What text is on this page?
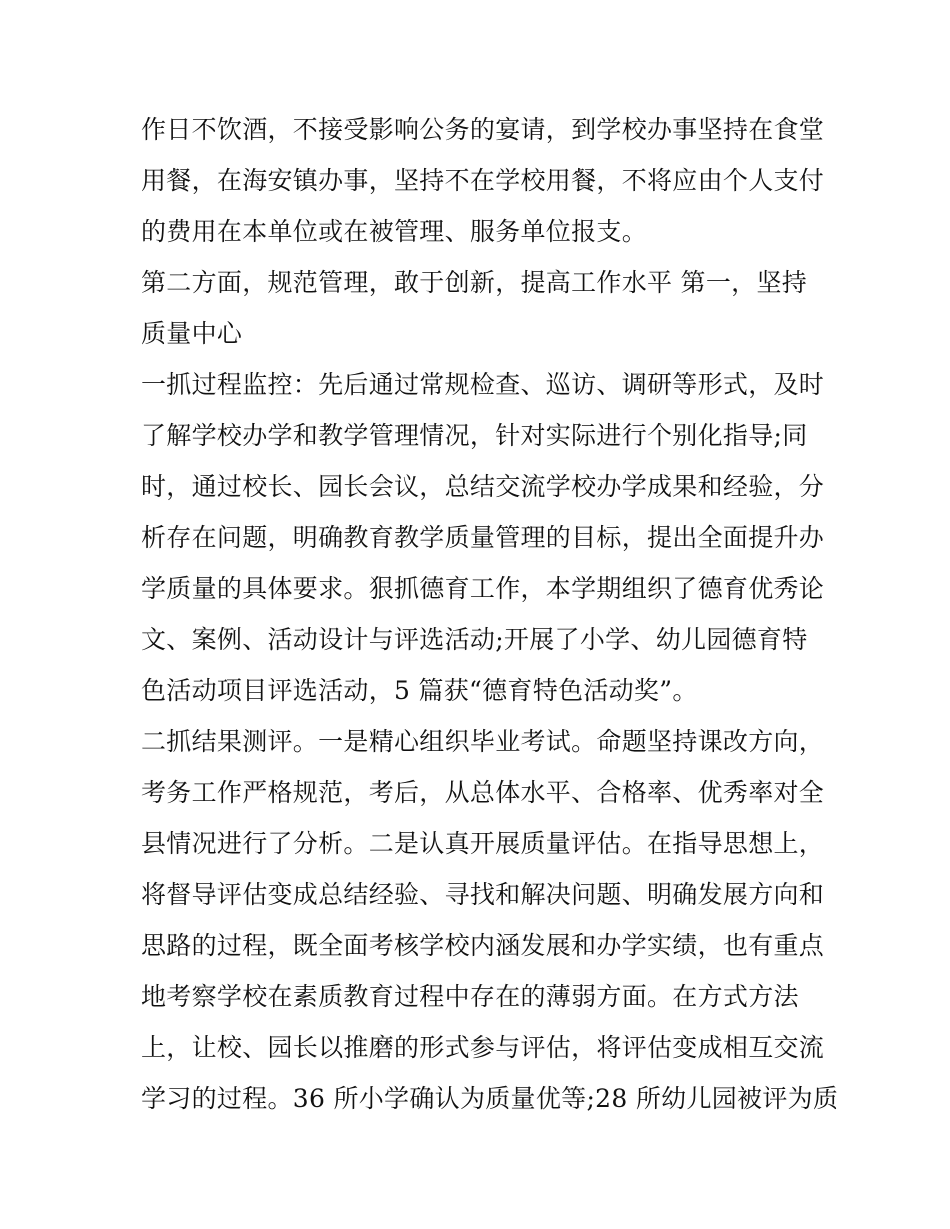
作日不饮酒，不接受影响公务的宴请，到学校办事坚持在食堂
用餐，在海安镇办事，坚持不在学校用餐，不将应由个人支付
的费用在本单位或在被管理、服务单位报支。
第二方面，规范管理，敢于创新，提高工作水平 第一，坚持
质量中心
一抓过程监控：先后通过常规检查、巡访、调研等形式，及时
了解学校办学和教学管理情况，针对实际进行个别化指导;同
时，通过校长、园长会议，总结交流学校办学成果和经验，分
析存在问题，明确教育教学质量管理的目标，提出全面提升办
学质量的具体要求。狠抓德育工作，本学期组织了德育优秀论
文、案例、活动设计与评选活动;开展了小学、幼儿园德育特
色活动项目评选活动，5 篇获“德育特色活动奖”。
二抓结果测评。一是精心组织毕业考试。命题坚持课改方向，
考务工作严格规范，考后，从总体水平、合格率、优秀率对全
县情况进行了分析。二是认真开展质量评估。在指导思想上，
将督导评估变成总结经验、寻找和解决问题、明确发展方向和
思路的过程，既全面考核学校内涵发展和办学实绩，也有重点
地考察学校在素质教育过程中存在的薄弱方面。在方式方法
上，让校、园长以推磨的形式参与评估，将评估变成相互交流
学习的过程。36 所小学确认为质量优等;28 所幼儿园被评为质
